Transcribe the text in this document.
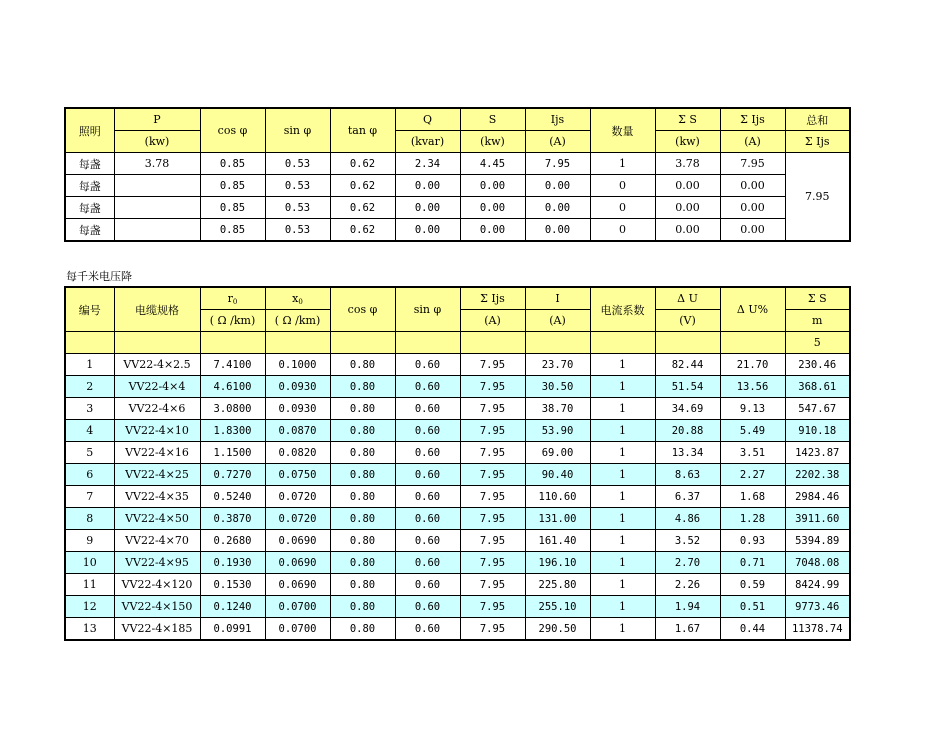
照明	P	cos φ	sin φ	tan φ	Q	S	Ijs	数量	Σ S	Σ Ijs	总和
	(kw)				(kvar)	(kw)	(A)		(kw)	(A)	Σ Ijs
每盏	3.78	0.85	0.53	0.62	2.34	4.45	7.95	1	3.78	7.95	7.95
每盏		0.85	0.53	0.62	0.00	0.00	0.00	0	0.00	0.00	
每盏		0.85	0.53	0.62	0.00	0.00	0.00	0	0.00	0.00	
每盏		0.85	0.53	0.62	0.00	0.00	0.00	0	0.00	0.00	
每千米电压降
编号	电缆规格	$r_0$	$x_0$	cos φ	sin φ	Σ Ijs	I	电流系数	Δ U	Δ U%	Σ S
		( Ω /km)	( Ω /km)			(A)	(A)		(V)		m
											5
1	VV22-4×2.5	7.4100	0.1000	0.80	0.60	7.95	23.70	1	82.44	21.70	230.46
2	VV22-4×4	4.6100	0.0930	0.80	0.60	7.95	30.50	1	51.54	13.56	368.61
3	VV22-4×6	3.0800	0.0930	0.80	0.60	7.95	38.70	1	34.69	9.13	547.67
4	VV22-4×10	1.8300	0.0870	0.80	0.60	7.95	53.90	1	20.88	5.49	910.18
5	VV22-4×16	1.1500	0.0820	0.80	0.60	7.95	69.00	1	13.34	3.51	1423.87
6	VV22-4×25	0.7270	0.0750	0.80	0.60	7.95	90.40	1	8.63	2.27	2202.38
7	VV22-4×35	0.5240	0.0720	0.80	0.60	7.95	110.60	1	6.37	1.68	2984.46
8	VV22-4×50	0.3870	0.0720	0.80	0.60	7.95	131.00	1	4.86	1.28	3911.60
9	VV22-4×70	0.2680	0.0690	0.80	0.60	7.95	161.40	1	3.52	0.93	5394.89
10	VV22-4×95	0.1930	0.0690	0.80	0.60	7.95	196.10	1	2.70	0.71	7048.08
11	VV22-4×120	0.1530	0.0690	0.80	0.60	7.95	225.80	1	2.26	0.59	8424.99
12	VV22-4×150	0.1240	0.0700	0.80	0.60	7.95	255.10	1	1.94	0.51	9773.46
13	VV22-4×185	0.0991	0.0700	0.80	0.60	7.95	290.50	1	1.67	0.44	11378.74
